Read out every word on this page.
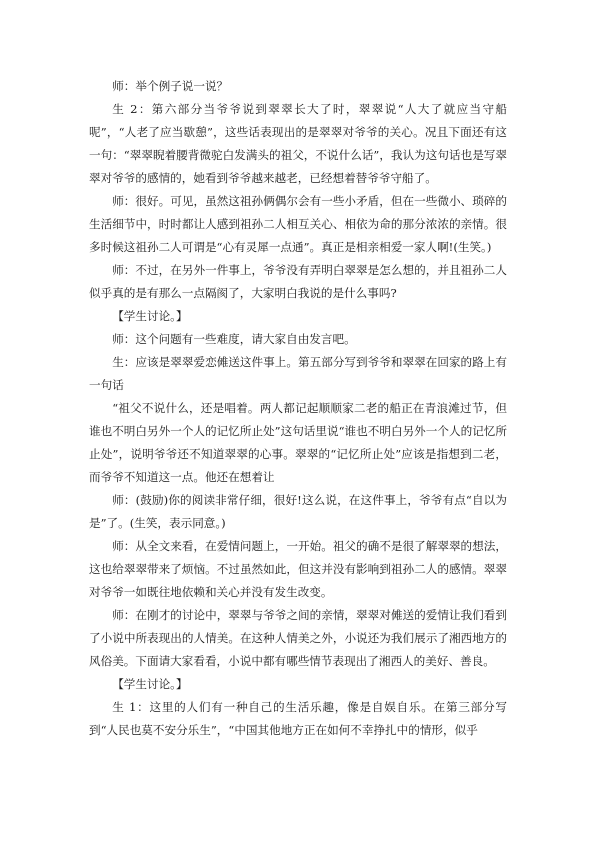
师：举个例子说一说？

生 2：第六部分当爷爷说到翠翠长大了时，翠翠说“人大了就应当守船呢”，“人老了应当歇憩”，这些话表现出的是翠翠对爷爷的关心。况且下面还有这一句：“翠翠睨着腰背微驼白发满头的祖父，不说什么话”，我认为这句话也是写翠翠对爷爷的感情的，她看到爷爷越来越老，已经想着替爷爷守船了。

师：很好。可见，虽然这祖孙俩偶尔会有一些小矛盾，但在一些微小、琐碎的生活细节中，时时都让人感到祖孙二人相互关心、相依为命的那分浓浓的亲情。很多时候这祖孙二人可谓是“心有灵犀一点通”。真正是相亲相爱一家人啊!(生笑。)

师：不过，在另外一件事上，爷爷没有弄明白翠翠是怎么想的，并且祖孙二人似乎真的是有那么一点隔阂了，大家明白我说的是什么事吗?

【学生讨论。】

师：这个问题有一些难度，请大家自由发言吧。

生：应该是翠翠爱恋傩送这件事上。第五部分写到爷爷和翠翠在回家的路上有一句话

“祖父不说什么，还是唱着。两人都记起顺顺家二老的船正在青浪滩过节，但谁也不明白另外一个人的记忆所止处”这句话里说“谁也不明白另外一个人的记忆所止处”，说明爷爷还不知道翠翠的心事。翠翠的“记忆所止处”应该是指想到二老，而爷爷不知道这一点。他还在想着让

师：(鼓励)你的阅读非常仔细，很好!这么说，在这件事上，爷爷有点“自以为是”了。(生笑，表示同意。)

师：从全文来看，在爱情问题上，一开始。祖父的确不是很了解翠翠的想法，这也给翠翠带来了烦恼。不过虽然如此，但这并没有影响到祖孙二人的感情。翠翠对爷爷一如既往地依赖和关心并没有发生改变。

师：在刚才的讨论中，翠翠与爷爷之间的亲情，翠翠对傩送的爱情让我们看到了小说中所表现出的人情美。在这种人情美之外，小说还为我们展示了湘西地方的风俗美。下面请大家看看，小说中都有哪些情节表现出了湘西人的美好、善良。

【学生讨论。】

生 1：这里的人们有一种自己的生活乐趣，像是自娱自乐。在第三部分写到“人民也莫不安分乐生”，“中国其他地方正在如何不幸挣扎中的情形，似乎
